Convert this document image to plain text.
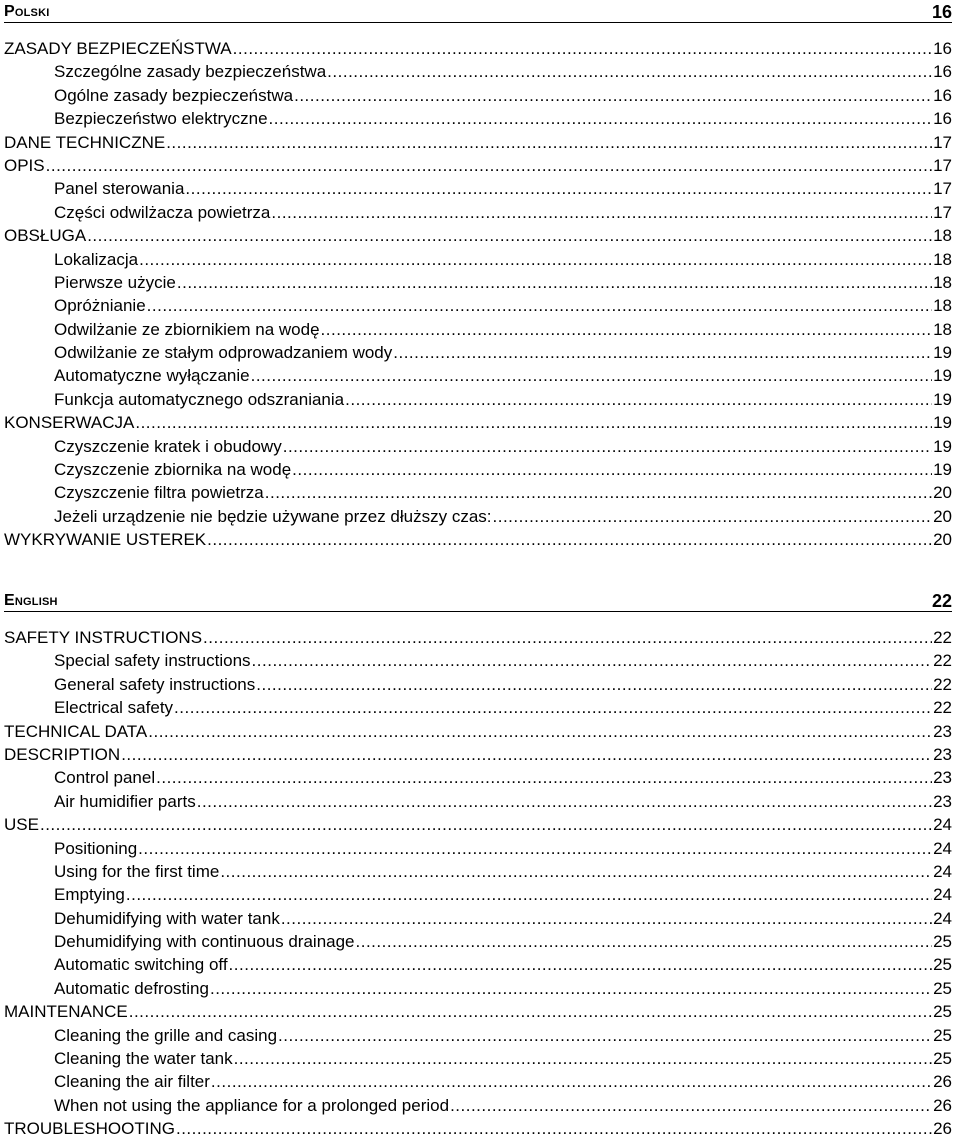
Polski	16
ZASADY BEZPIECZEŃSTWA .....	16
Szczególne zasady bezpieczeństwa .....	16
Ogólne zasady bezpieczeństwa .....	16
Bezpieczeństwo elektryczne .....	16
DANE TECHNICZNE .....	17
OPIS .....	17
Panel sterowania .....	17
Części odwilżacza powietrza .....	17
OBSŁUGA .....	18
Lokalizacja .....	18
Pierwsze użycie .....	18
Opróżnianie .....	18
Odwilżanie ze zbiornikiem na wodę .....	18
Odwilżanie ze stałym odprowadzaniem wody .....	19
Automatyczne wyłączanie .....	19
Funkcja automatycznego odszraniania .....	19
KONSERWACJA .....	19
Czyszczenie kratek i obudowy .....	19
Czyszczenie zbiornika na wodę .....	19
Czyszczenie filtra powietrza .....	20
Jeżeli urządzenie nie będzie używane przez dłuższy czas: .....	20
WYKRYWANIE USTEREK .....	20
English	22
SAFETY INSTRUCTIONS .....	22
Special safety instructions .....	22
General safety instructions .....	22
Electrical safety .....	22
TECHNICAL DATA .....	23
DESCRIPTION .....	23
Control panel .....	23
Air humidifier parts .....	23
USE .....	24
Positioning .....	24
Using for the first time .....	24
Emptying .....	24
Dehumidifying with water tank .....	24
Dehumidifying with continuous drainage .....	25
Automatic switching off .....	25
Automatic defrosting .....	25
MAINTENANCE .....	25
Cleaning the grille and casing .....	25
Cleaning the water tank .....	25
Cleaning the air filter .....	26
When not using the appliance for a prolonged period .....	26
TROUBLESHOOTING .....	26
